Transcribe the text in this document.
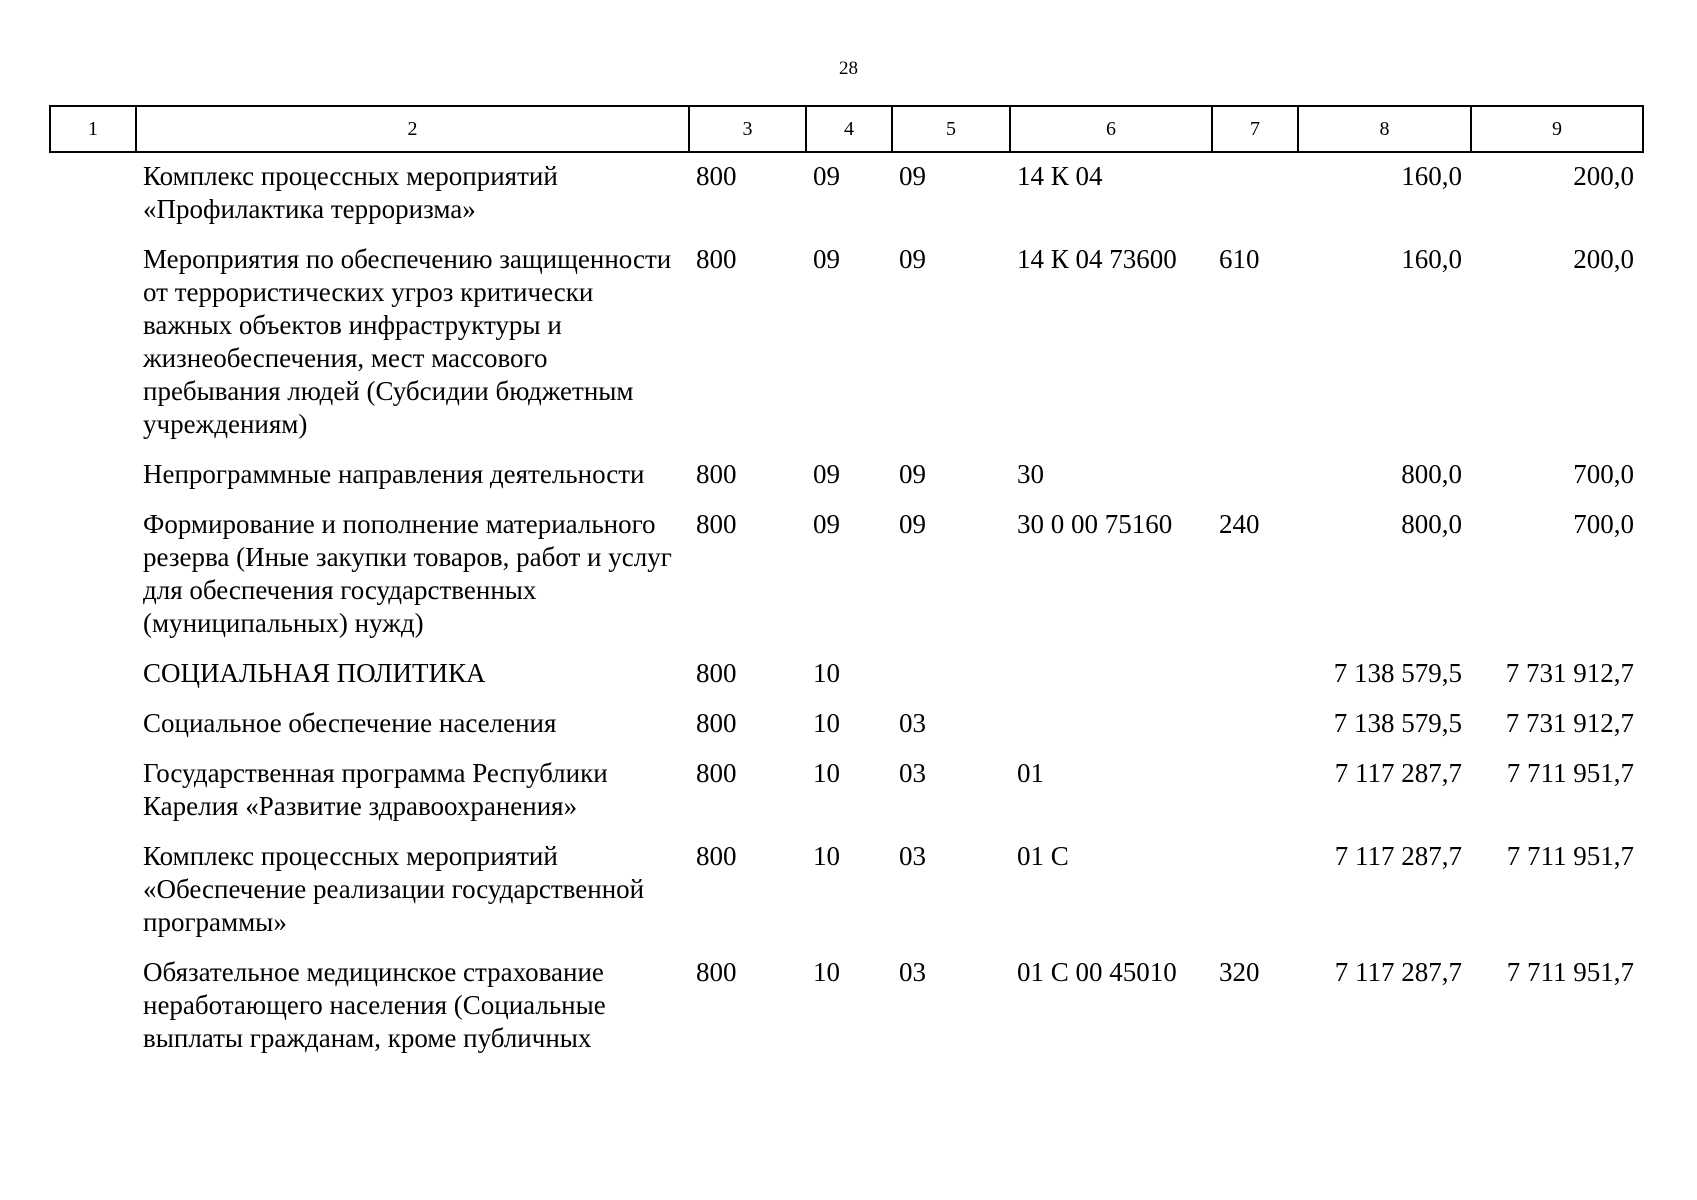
28
1	2	3	4	5	6	7	8	9
	Комплекс процессных мероприятий «Профилактика терроризма»	800	09	09	14 К 04		160,0	200,0
	Мероприятия по обеспечению защищенности от террористических угроз критически важных объектов инфраструктуры и жизнеобеспечения, мест массового пребывания людей (Субсидии бюджетным учреждениям)	800	09	09	14 К 04 73600	610	160,0	200,0
	Непрограммные направления деятельности	800	09	09	30		800,0	700,0
	Формирование и пополнение материального резерва (Иные закупки товаров, работ и услуг для обеспечения государственных (муниципальных) нужд)	800	09	09	30 0 00 75160	240	800,0	700,0
	СОЦИАЛЬНАЯ ПОЛИТИКА	800	10				7 138 579,5	7 731 912,7
	Социальное обеспечение населения	800	10	03			7 138 579,5	7 731 912,7
	Государственная программа Республики Карелия «Развитие здравоохранения»	800	10	03	01		7 117 287,7	7 711 951,7
	Комплекс процессных мероприятий «Обеспечение реализации государственной программы»	800	10	03	01 С		7 117 287,7	7 711 951,7
	Обязательное медицинское страхование неработающего населения (Социальные выплаты гражданам, кроме публичных	800	10	03	01 С 00 45010	320	7 117 287,7	7 711 951,7
